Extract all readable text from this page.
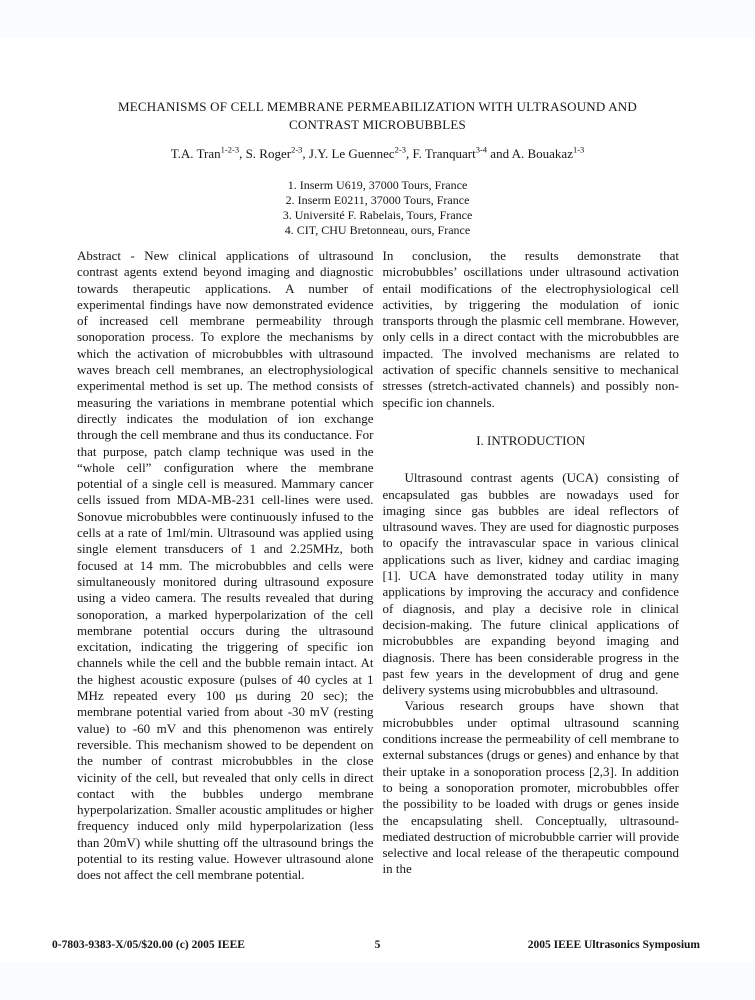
MECHANISMS OF CELL MEMBRANE PERMEABILIZATION WITH ULTRASOUND AND
CONTRAST MICROBUBBLES
T.A. Tran$^{1-2-3}$, S. Roger$^{2-3}$, J.Y. Le Guennec$^{2-3}$, F. Tranquart$^{3-4}$ and A. Bouakaz$^{1-3}$
1. Inserm U619, 37000 Tours, France
2. Inserm E0211, 37000 Tours, France
3. Université F. Rabelais, Tours, France
4. CIT, CHU Bretonneau, ours, France

Abstract - New clinical applications of ultrasound contrast agents extend beyond imaging and diagnostic towards therapeutic applications. A number of experimental findings have now demonstrated evidence of increased cell membrane permeability through sonoporation process. To explore the mechanisms by which the activation of microbubbles with ultrasound waves breach cell membranes, an electrophysiological experimental method is set up. The method consists of measuring the variations in membrane potential which directly indicates the modulation of ion exchange through the cell membrane and thus its conductance. For that purpose, patch clamp technique was used in the “whole cell” configuration where the membrane potential of a single cell is measured. Mammary cancer cells issued from MDA-MB-231 cell-lines were used. Sonovue microbubbles were continuously infused to the cells at a rate of 1ml/min. Ultrasound was applied using single element transducers of 1 and 2.25MHz, both focused at 14 mm. The microbubbles and cells were simultaneously monitored during ultrasound exposure using a video camera. The results revealed that during sonoporation, a marked hyperpolarization of the cell membrane potential occurs during the ultrasound excitation, indicating the triggering of specific ion channels while the cell and the bubble remain intact. At the highest acoustic exposure (pulses of 40 cycles at 1 MHz repeated every 100 μs during 20 sec); the membrane potential varied from about -30 mV (resting value) to -60 mV and this phenomenon was entirely reversible. This mechanism showed to be dependent on the number of contrast microbubbles in the close vicinity of the cell, but revealed that only cells in direct contact with the bubbles undergo membrane hyperpolarization. Smaller acoustic amplitudes or higher frequency induced only mild hyperpolarization (less than 20mV) while shutting off the ultrasound brings the potential to its resting value. However ultrasound alone does not affect the cell membrane potential.

In conclusion, the results demonstrate that microbubbles’ oscillations under ultrasound activation entail modifications of the electrophysiological cell activities, by triggering the modulation of ionic transports through the plasmic cell membrane. However, only cells in a direct contact with the microbubbles are impacted. The involved mechanisms are related to activation of specific channels sensitive to mechanical stresses (stretch-activated channels) and possibly non-specific ion channels.

I. INTRODUCTION

Ultrasound contrast agents (UCA) consisting of encapsulated gas bubbles are nowadays used for imaging since gas bubbles are ideal reflectors of ultrasound waves. They are used for diagnostic purposes to opacify the intravascular space in various clinical applications such as liver, kidney and cardiac imaging [1]. UCA have demonstrated today utility in many applications by improving the accuracy and confidence of diagnosis, and play a decisive role in clinical decision-making. The future clinical applications of microbubbles are expanding beyond imaging and diagnosis. There has been considerable progress in the past few years in the development of drug and gene delivery systems using microbubbles and ultrasound.

Various research groups have shown that microbubbles under optimal ultrasound scanning conditions increase the permeability of cell membrane to external substances (drugs or genes) and enhance by that their uptake in a sonoporation process [2,3]. In addition to being a sonoporation promoter, microbubbles offer the possibility to be loaded with drugs or genes inside the encapsulating shell. Conceptually, ultrasound-mediated destruction of microbubble carrier will provide selective and local release of the therapeutic compound in the

0-7803-9383-X/05/$20.00 (c) 2005 IEEE	5	2005 IEEE Ultrasonics Symposium
